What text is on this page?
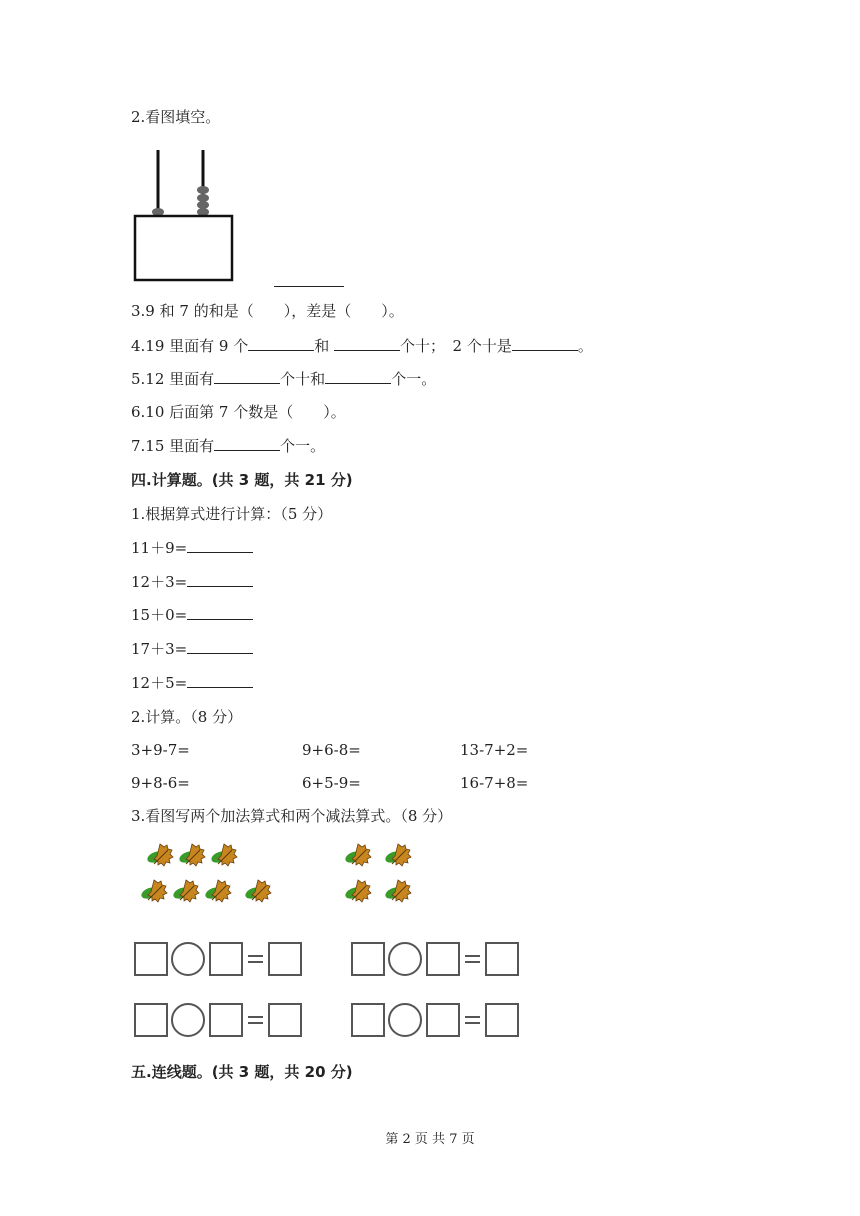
2.看图填空。
3.9 和 7 的和是（　　），差是（　　）。
4.19 里面有 9 个	和	个十；　2 个十是	。
5.12 里面有	个十和	个一。
6.10 后面第 7 个数是（　　）。
7.15 里面有	个一。
四.计算题。(共 3 题，共 21 分)
1.根据算式进行计算：（5 分）
11＋9=
12＋3=
15＋0=
17＋3=
12＋5=
2.计算。（8 分）
3+9-7=	9+6-8=	13-7+2=
9+8-6=	6+5-9=	16-7+8=
3.看图写两个加法算式和两个减法算式。（8 分）
五.连线题。(共 3 题，共 20 分)
第 2 页 共 7 页
